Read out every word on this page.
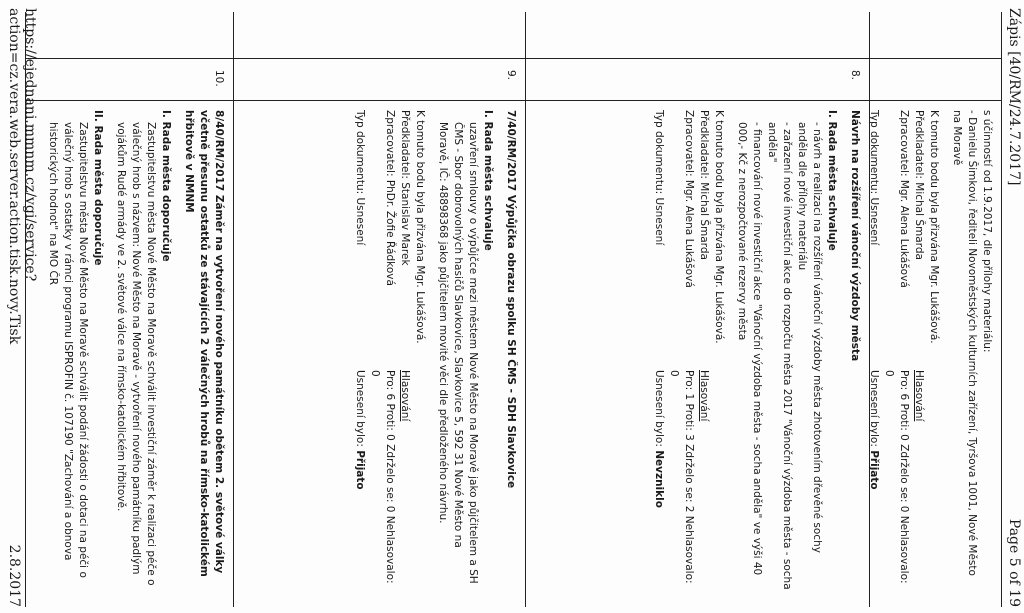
Zápis [40/RM/24.7.2017]
Page 5 of 19

s účinností od 1.9.2017, dle přílohy materiálu:

- Danielu Šimkovi, řediteli Novoměstských kulturních zařízení, Tyršova 1001, Nové Město na Moravě

K tomuto bodu byla přizvána Mgr. Lukášová.

Předkladatel: Michal Šmarda
Hlasování
Zpracovatel: Mgr. Alena Lukášová
Pro: 6 Proti: 0 Zdrželo se: 0 Nehlasovalo: 0
Typ dokumentu: Usnesení
Usnesení bylo: Přijato
8.

Návrh na rozšíření vánoční výzdoby města

I. Rada města schvaluje

- návrh a realizaci na rozšíření vánoční výzdoby města zhotovením dřevěné sochy anděla dle přílohy materiálu

- zařazení nové investiční akce do rozpočtu města 2017 "Vánoční výzdoba města - socha anděla"

- financování nové investiční akce "Vánoční výzdoba města - socha anděla" ve výši 40 000,- Kč z nerozpočtované rezervy města

K tomuto bodu byla přizvána Mgr. Lukášová.

Předkladatel: Michal Šmarda
Hlasování
Zpracovatel: Mgr. Alena Lukášová
Pro: 1 Proti: 3 Zdrželo se: 2 Nehlasovalo: 0
Typ dokumentu: Usnesení
Usnesení bylo: Nevzniklo
9.

7/40/RM/2017 Výpůjčka obrazu spolku SH ČMS - SDH Slavkovice

I. Rada města schvaluje

uzavření smlouvy o výpůjčce mezi městem Nové Město na Moravě jako půjčitelem a SH ČMS - Sbor dobrovolných hasičů Slavkovice, Slavkovice 5, 592 31 Nové Město na Moravě, IČ: 48898368 jako půjčitelem movité věci dle předloženého návrhu.

K tomuto bodu byla přizvána Mgr. Lukášová.

Předkladatel: Stanislav Marek
Hlasování
Zpracovatel: PhDr. Žofie Řádková
Pro: 6 Proti: 0 Zdrželo se: 0 Nehlasovalo: 0
Typ dokumentu: Usnesení
Usnesení bylo: Přijato
10.

8/40/RM/2017 Záměr na vytvoření nového památníku obětem 2. světové války včetně přesunu ostatků ze stávajících 2 válečných hrobů na římsko-katolickém hřbitově v NMNM

I. Rada města doporučuje

Zastupitelstvu města Nové Město na Moravě schválit investiční záměr k realizaci péče o válečný hrob s názvem: Nové Město na Moravě - vytvoření nového památníku padlým vojákům Rudé armády ve 2. světové válce na římsko-katolickém hřbitově.

II. Rada města doporučuje

Zastupitelstvu města Nové Město na Moravě schválit podání žádosti o dotaci na péči o válečný hrob s ostatky v rámci programu ISPROFIN č. 107190 "Zachování a obnova historických hodnot" na MO ČR

https://ejednani.mmnm.cz/vgi/service?action=cz.vera.web.server.action.tisk.novy.Tisk
2.8.2017
